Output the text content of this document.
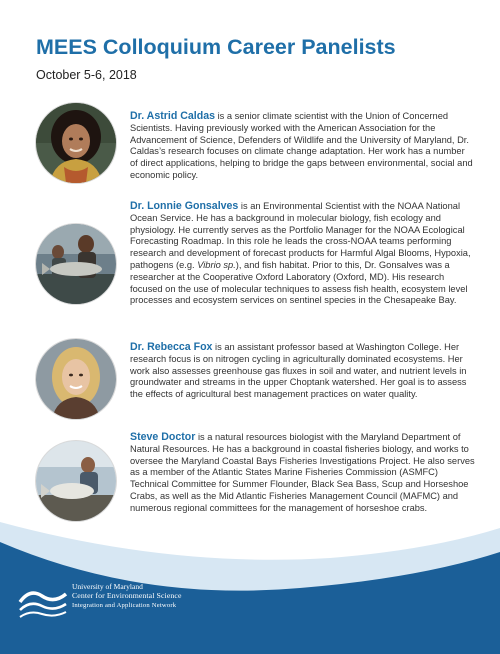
MEES Colloquium Career Panelists
October 5-6, 2018

Dr. Astrid Caldas is a senior climate scientist with the Union of Concerned Scientists. Having previously worked with the American Association for the Advancement of Science, Defenders of Wildlife and the University of Maryland, Dr. Caldas’s research focuses on climate change adaptation. Her work has a number of direct applications, helping to bridge the gaps between environmental, social and economic policy.

Dr. Lonnie Gonsalves is an Environmental Scientist with the NOAA National Ocean Service. He has a background in molecular biology, fish ecology and physiology. He currently serves as the Portfolio Manager for the NOAA Ecological Forecasting Roadmap. In this role he leads the cross-NOAA teams performing research and development of forecast products for Harmful Algal Blooms, Hypoxia, pathogens (e.g. Vibrio sp.), and fish habitat. Prior to this, Dr. Gonsalves was a researcher at the Cooperative Oxford Laboratory (Oxford, MD). His research focused on the use of molecular techniques to assess fish health, ecosystem level processes and ecosystem services on sentinel species in the Chesapeake Bay.

Dr. Rebecca Fox is an assistant professor based at Washington College. Her research focus is on nitrogen cycling in agriculturally dominated ecosystems. Her work also assesses greenhouse gas fluxes in soil and water, and nutrient levels in groundwater and streams in the upper Choptank watershed. Her goal is to assess the effects of agricultural best management practices on water quality.

Steve Doctor is a natural resources biologist with the Maryland Department of Natural Resources. He has a background in coastal fisheries biology, and works to oversee the Maryland Coastal Bays Fisheries Investigations Project. He also serves as a member of the Atlantic States Marine Fisheries Commission (ASMFC) Technical Committee for Summer Flounder, Black Sea Bass, Scup and Horseshoe Crabs, as well as the Mid Atlantic Fisheries Management Council (MAFMC) and numerous regional committees for the management of horseshoe crabs.

University of Maryland
Center for Environmental Science
Integration and Application Network
